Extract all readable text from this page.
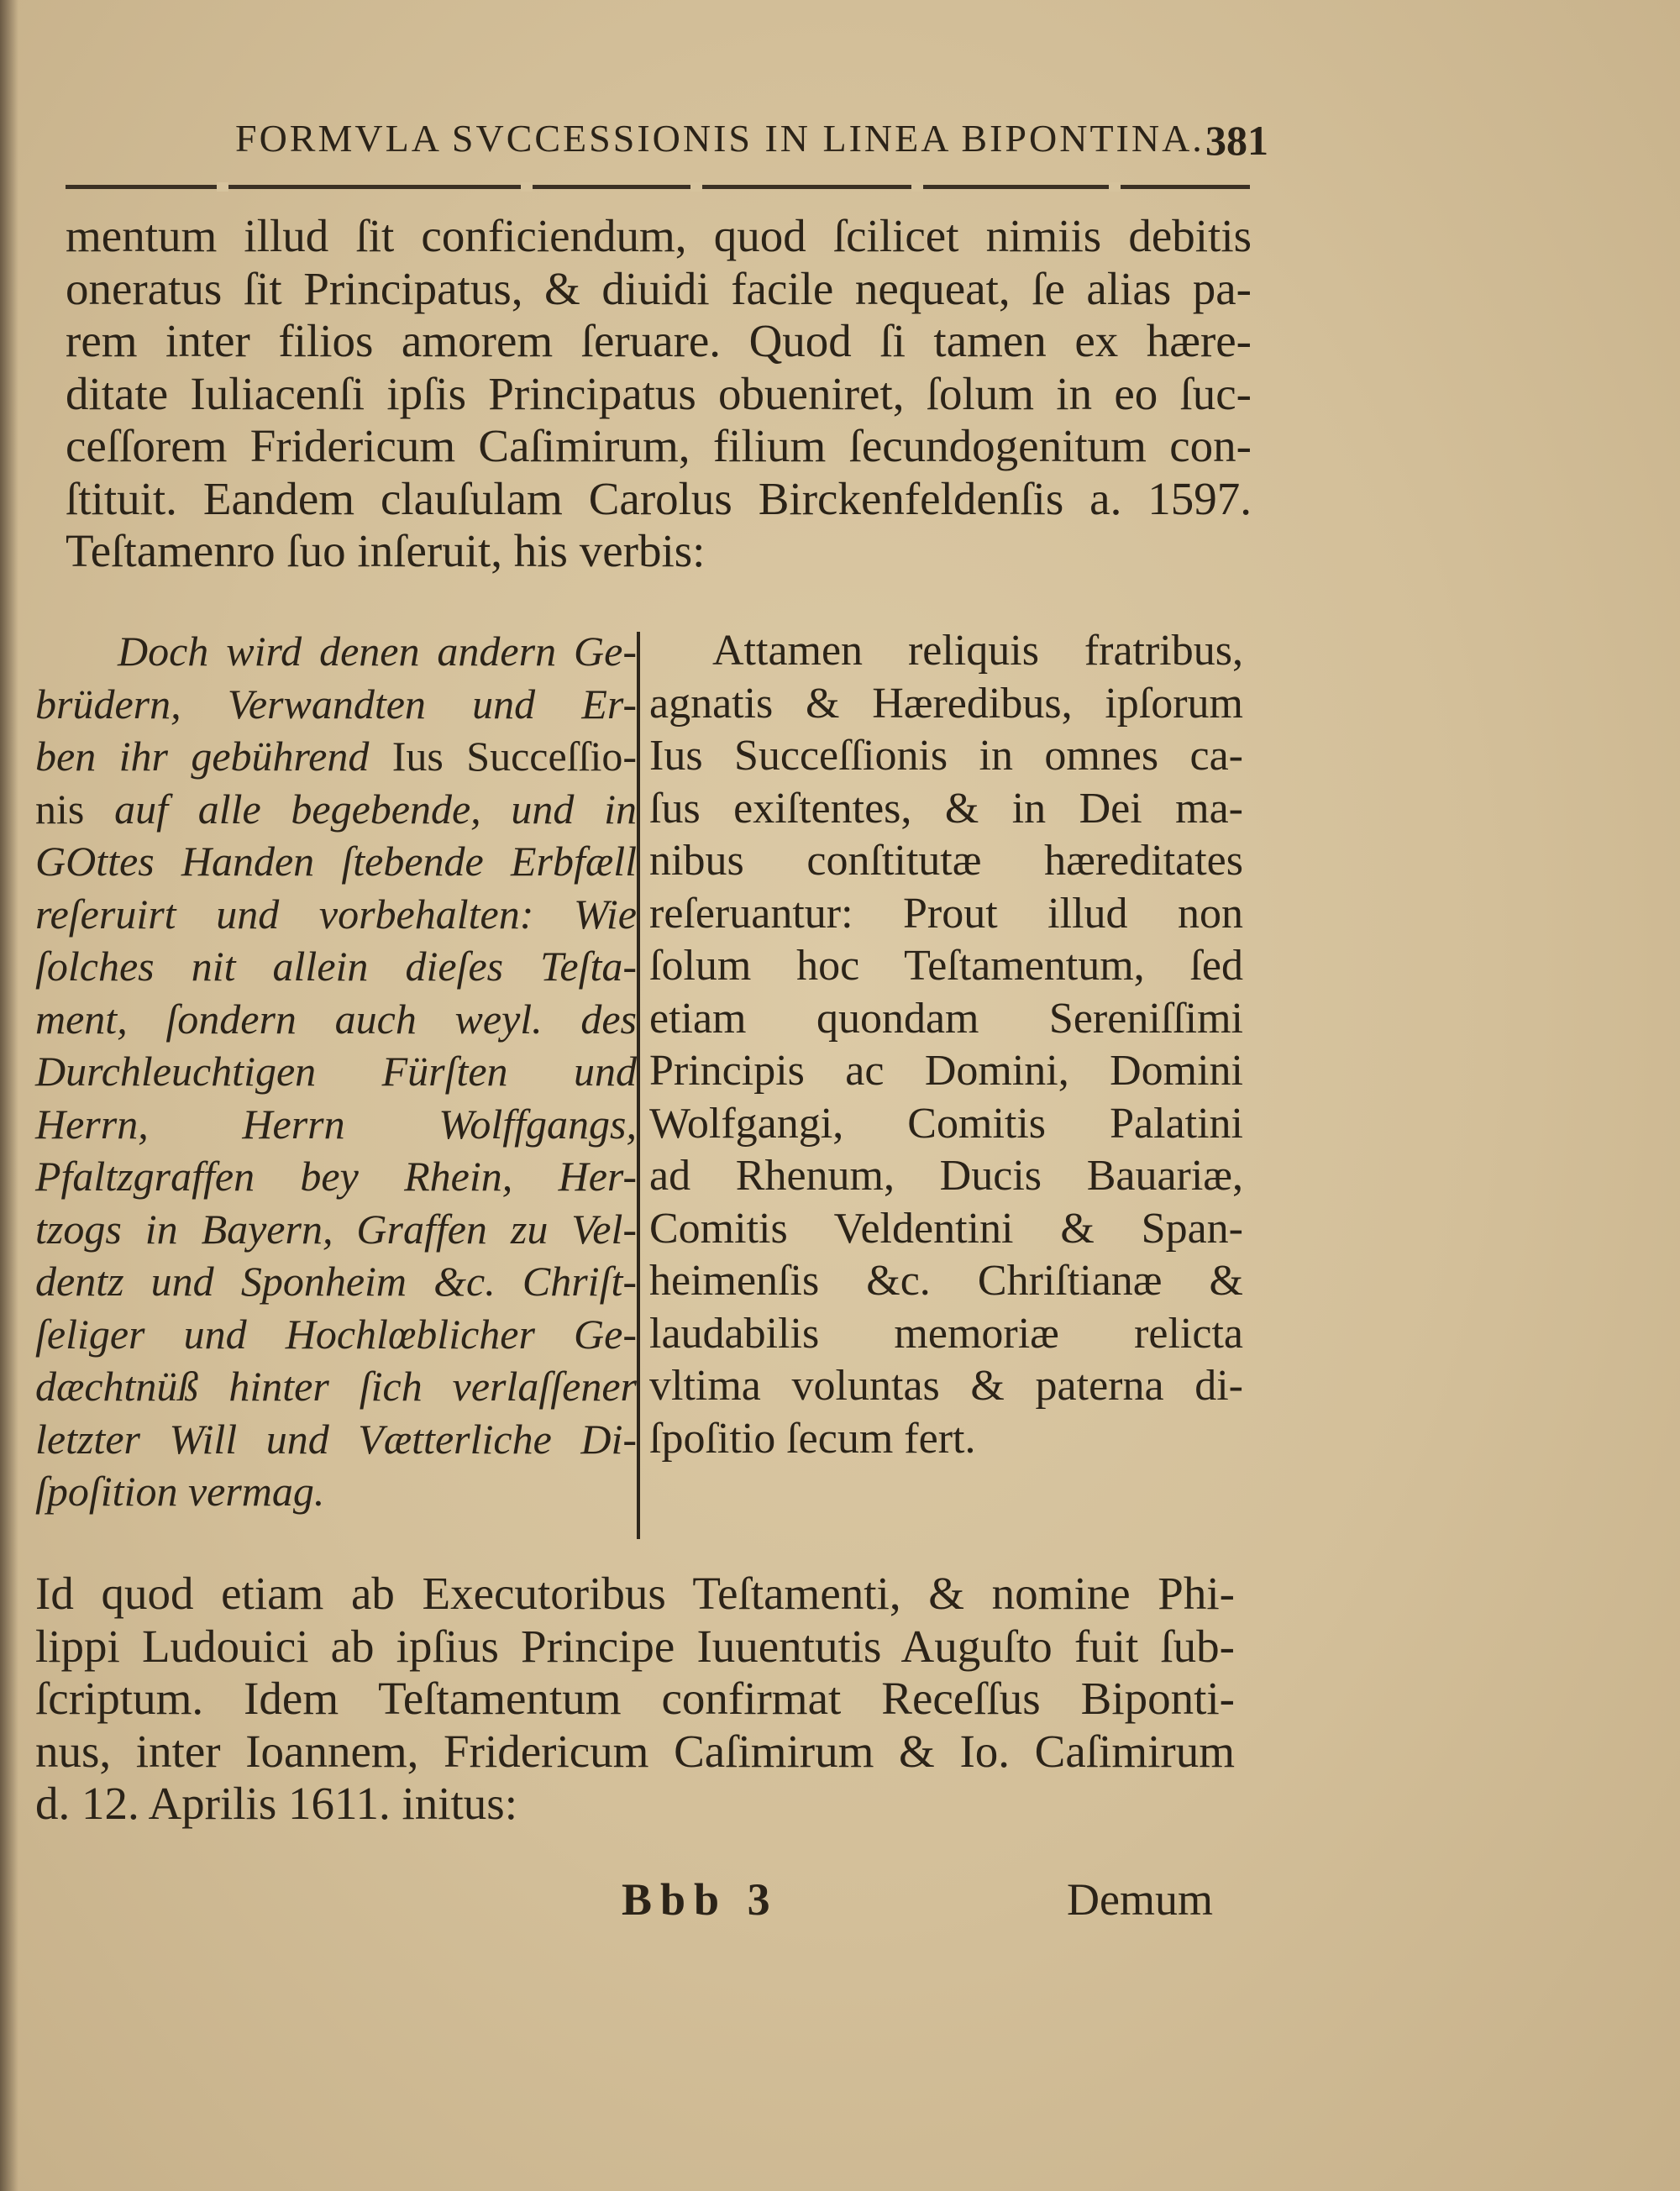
FORMVLA SVCCESSIONIS IN LINEA BIPONTINA. 381
mentum illud ſit conficiendum, quod ſcilicet nimiis debitis
oneratus ſit Principatus, & diuidi facile nequeat, ſe alias pa-
rem inter filios amorem ſeruare. Quod ſi tamen ex hære-
ditate Iuliacenſi ipſis Principatus obueniret, ſolum in eo ſuc-
ceſſorem Fridericum Caſimirum, filium ſecundogenitum con-
ſtituit. Eandem clauſulam Carolus Birckenfeldenſis a. 1597.
Teſtamenro ſuo inſeruit, his verbis:
Doch wird denen andern Ge-
brüdern, Verwandten und Er-
ben ihr gebührend Ius Succeſſio-
nis auf alle begebende, und in
GOttes Handen ſtebende Erbfæll
reſeruirt und vorbehalten: Wie
ſolches nit allein dieſes Teſta-
ment, ſondern auch weyl. des
Durchleuchtigen Fürſten und
Herrn, Herrn Wolffgangs,
Pfaltzgraffen bey Rhein, Her-
tzogs in Bayern, Graffen zu Vel-
dentz und Sponheim &c. Chriſt-
ſeliger und Hochlœblicher Ge-
dæchtnüß hinter ſich verlaſſener
letzter Will und Vætterliche Di-
ſpoſition vermag.
Attamen reliquis fratribus,
agnatis & Hæredibus, ipſorum
Ius Succeſſionis in omnes ca-
ſus exiſtentes, & in Dei ma-
nibus conſtitutæ hæreditates
reſeruantur: Prout illud non
ſolum hoc Teſtamentum, ſed
etiam quondam Sereniſſimi
Principis ac Domini, Domini
Wolfgangi, Comitis Palatini
ad Rhenum, Ducis Bauariæ,
Comitis Veldentini & Span-
heimenſis &c. Chriſtianæ &
laudabilis memoriæ relicta
vltima voluntas & paterna di-
ſpoſitio ſecum fert.
Id quod etiam ab Executoribus Teſtamenti, & nomine Phi-
lippi Ludouici ab ipſius Principe Iuuentutis Auguſto fuit ſub-
ſcriptum. Idem Teſtamentum confirmat Receſſus Biponti-
nus, inter Ioannem, Fridericum Caſimirum & Io. Caſimirum
d. 12. Aprilis 1611. initus:
Bbb 3	Demum
